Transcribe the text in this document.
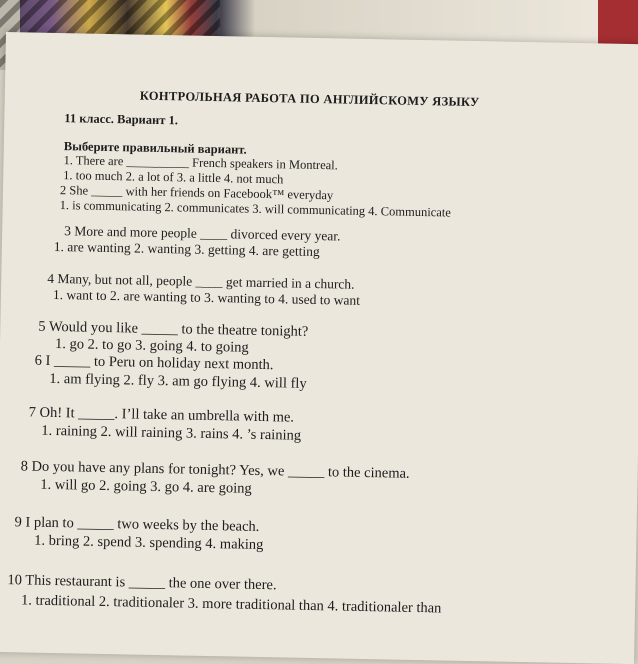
КОНТРОЛЬНАЯ РАБОТА ПО АНГЛИЙСКОМУ ЯЗЫКУ
11 класс. Вариант 1.
Выберите правильный вариант.
1. There are __________ French speakers in Montreal.
1. too much 2. a lot of 3. a little 4. not much
2 She _____ with her friends on Facebook™ everyday
1. is communicating 2. communicates 3. will communicating 4. Communicate
3 More and more people ____ divorced every year.
1. are wanting 2. wanting 3. getting 4. are getting
4 Many, but not all, people ____ get married in a church.
1. want to 2. are wanting to 3. wanting to 4. used to want
5 Would you like _____ to the theatre tonight?
1. go 2. to go 3. going 4. to going
6 I _____ to Peru on holiday next month.
1. am flying 2. fly 3. am go flying 4. will fly
7 Oh! It _____. I’ll take an umbrella with me.
1. raining 2. will raining 3. rains 4. ’s raining
8 Do you have any plans for tonight? Yes, we _____ to the cinema.
1. will go 2. going 3. go 4. are going
9 I plan to _____ two weeks by the beach.
1. bring 2. spend 3. spending 4. making
10 This restaurant is _____ the one over there.
1. traditional 2. traditionaler 3. more traditional than 4. traditionaler than
